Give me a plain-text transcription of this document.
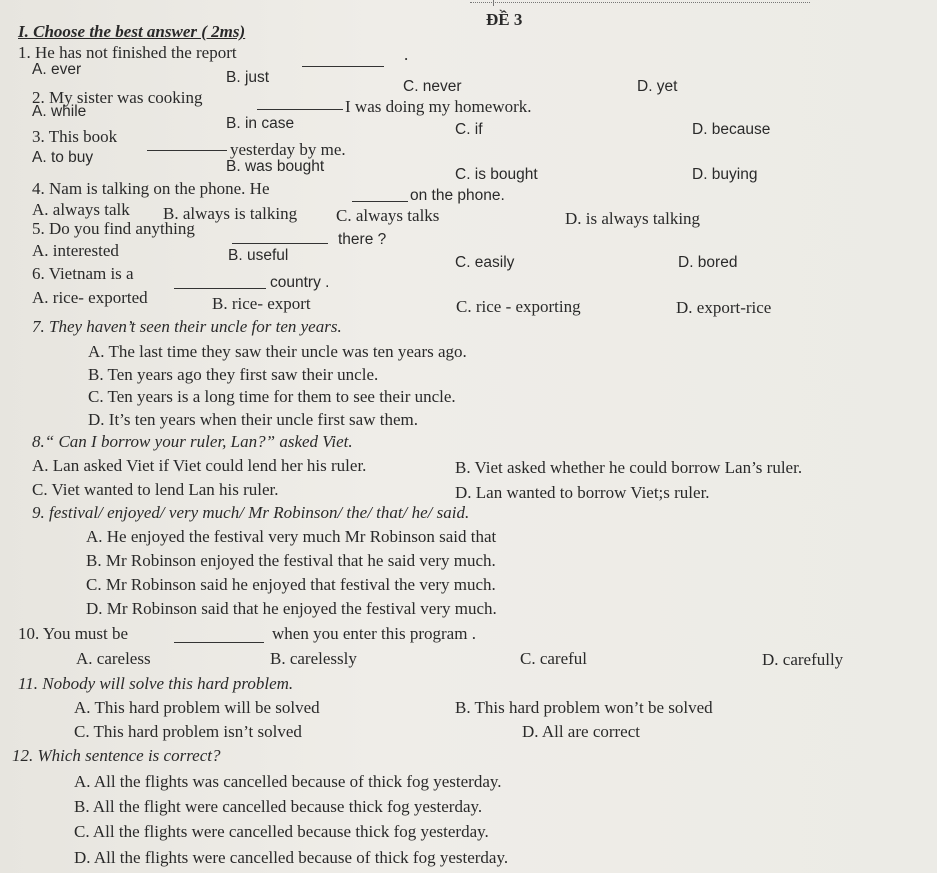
ĐỀ 3
I. Choose the best answer ( 2ms)
1. He has not finished the report	.
A. ever	B. just
C. never	D. yet
2. My sister was cooking	I was doing my homework.
A. while
B. in case	C. if	D. because
3. This book
yesterday by me.
A. to buy
B. was bought	C. is bought	D. buying
4. Nam is talking on the phone. He	on the phone.
A. always talk B. always is talking C. always talks	D. is always talking
5. Do you find anything
there ?
A. interested	B. useful	C. easily	D. bored
6. Vietnam is a	country .
A. rice- exported	B. rice- export	C. rice - exporting	D. export-rice
7. They haven’t seen their uncle for ten years.
A. The last time they saw their uncle was ten years ago.
B. Ten years ago they first saw their uncle.
C. Ten years is a long time for them to see their uncle.
D. It’s ten years when their uncle first saw them.
8.“ Can I borrow your ruler, Lan?” asked Viet.
A. Lan asked Viet if Viet could lend her his ruler.	B. Viet asked whether he could borrow Lan’s ruler.
C. Viet wanted to lend Lan his ruler.	D. Lan wanted to borrow Viet;s ruler.
9. festival/ enjoyed/ very much/ Mr Robinson/ the/ that/ he/ said.
A. He enjoyed the festival very much Mr Robinson said that
B. Mr Robinson enjoyed the festival that he said very much.
C. Mr Robinson said he enjoyed that festival the very much.
D. Mr Robinson said that he enjoyed the festival very much.
10. You must be	when you enter this program .
A. careless	B. carelessly	C. careful	D. carefully
11. Nobody will solve this hard problem.
A. This hard problem will be solved	B. This hard problem won’t be solved
C. This hard problem isn’t solved	D. All are correct
12. Which sentence is correct?
A. All the flights was cancelled because of thick fog yesterday.
B. All the flight were cancelled because thick fog yesterday.
C. All the flights were cancelled because thick fog yesterday.
D. All the flights were cancelled because of thick fog yesterday.
